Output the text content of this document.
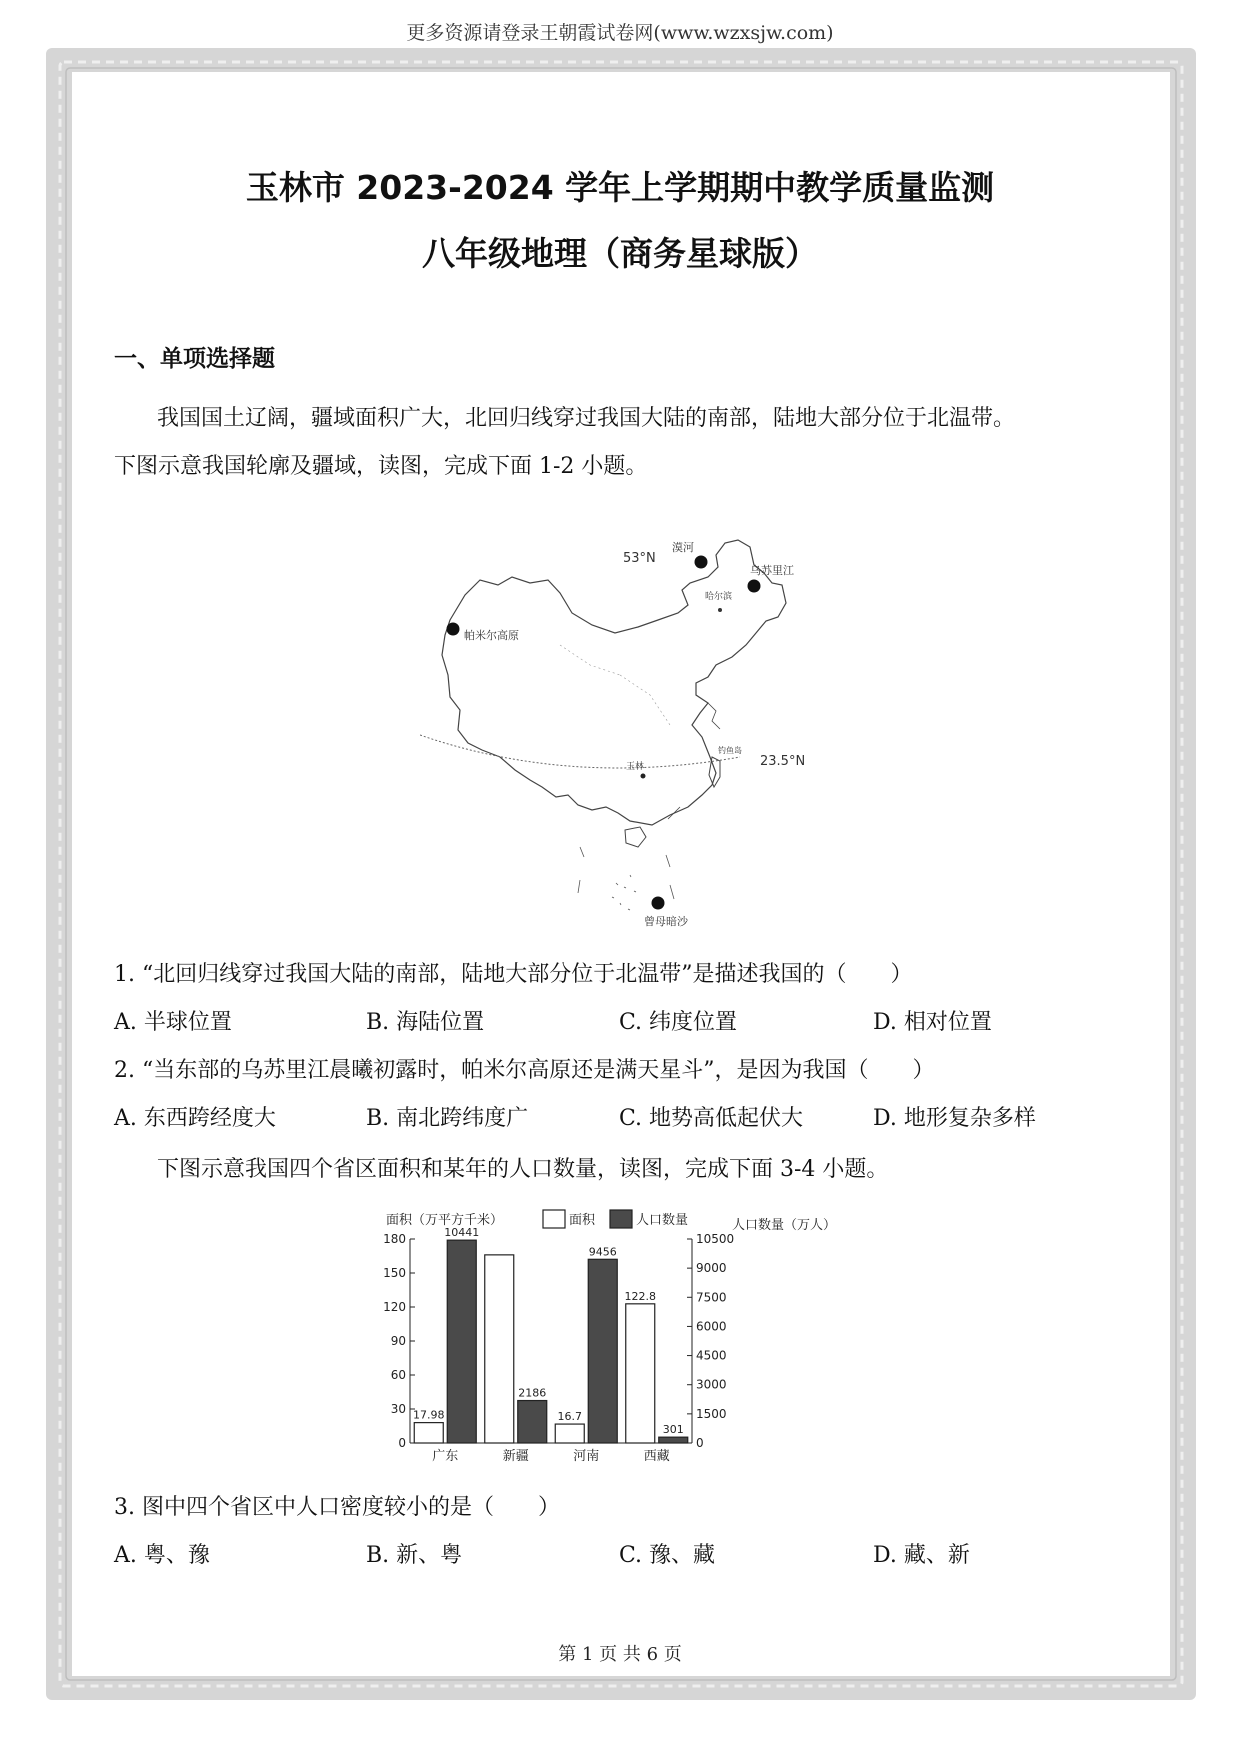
更多资源请登录王朝霞试卷网(www.wzxsjw.com)
玉林市 2023-2024 学年上学期期中教学质量监测
八年级地理（商务星球版）
一、单项选择题
我国国土辽阔，疆域面积广大，北回归线穿过我国大陆的南部，陆地大部分位于北温带。
下图示意我国轮廓及疆域，读图，完成下面 1-2 小题。
53°N
漠河
乌苏里江
哈尔滨
帕米尔高原
钓鱼岛
玉林	23.5°N
曾母暗沙
1. “北回归线穿过我国大陆的南部，陆地大部分位于北温带”是描述我国的（　　）
A. 半球位置	B. 海陆位置	C. 纬度位置	D. 相对位置
2. “当东部的乌苏里江晨曦初露时，帕米尔高原还是满天星斗”，是因为我国（　　）
A. 东西跨经度大	B. 南北跨纬度广	C. 地势高低起伏大	D. 地形复杂多样
下图示意我国四个省区面积和某年的人口数量，读图，完成下面 3-4 小题。
面积（万平方千米）	人口数量（万人）
面积	人口数量
0
30
60
90
120
150
180
0
1500
3000
4500
6000
7500
9000
10500
广东
17.98
10441
新疆
2186
河南
16.7
9456
西藏
122.8
301
3. 图中四个省区中人口密度较小的是（　　）
A. 粤、豫	B. 新、粤	C. 豫、藏	D. 藏、新
第 1 页 共 6 页
